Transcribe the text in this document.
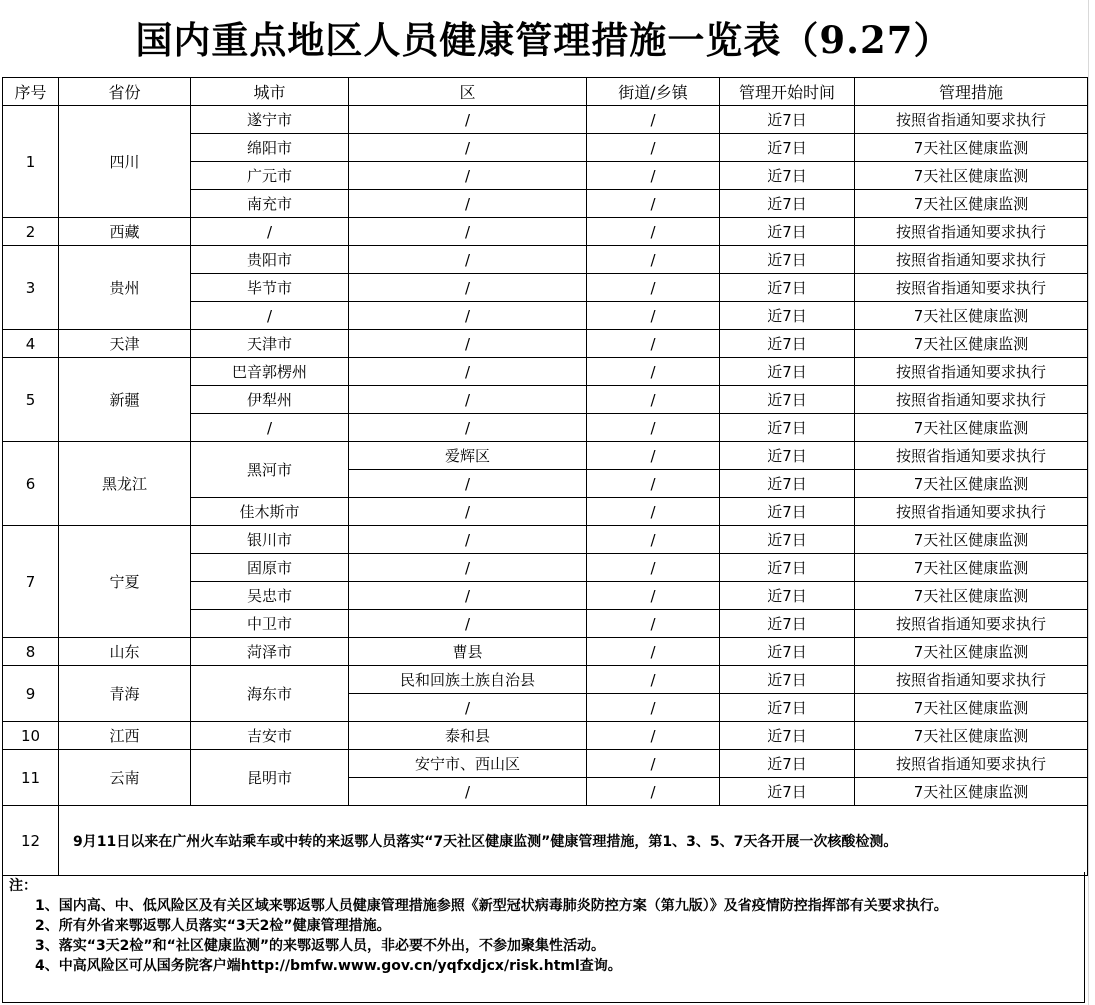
国内重点地区人员健康管理措施一览表（9.27）
序号	省份	城市	区	街道/乡镇	管理开始时间	管理措施
1	四川	遂宁市	/	/	近7日	按照省指通知要求执行
		绵阳市	/	/	近7日	7天社区健康监测
		广元市	/	/	近7日	7天社区健康监测
		南充市	/	/	近7日	7天社区健康监测
2	西藏	/	/	/	近7日	按照省指通知要求执行
3	贵州	贵阳市	/	/	近7日	按照省指通知要求执行
		毕节市	/	/	近7日	按照省指通知要求执行
		/	/	/	近7日	7天社区健康监测
4	天津	天津市	/	/	近7日	7天社区健康监测
5	新疆	巴音郭楞州	/	/	近7日	按照省指通知要求执行
		伊犁州	/	/	近7日	按照省指通知要求执行
		/	/	/	近7日	7天社区健康监测
6	黑龙江	黑河市	爱辉区	/	近7日	按照省指通知要求执行
			/	/	近7日	7天社区健康监测
		佳木斯市	/	/	近7日	按照省指通知要求执行
7	宁夏	银川市	/	/	近7日	7天社区健康监测
		固原市	/	/	近7日	7天社区健康监测
		吴忠市	/	/	近7日	7天社区健康监测
		中卫市	/	/	近7日	按照省指通知要求执行
8	山东	菏泽市	曹县	/	近7日	7天社区健康监测
9	青海	海东市	民和回族土族自治县	/	近7日	按照省指通知要求执行
			/	/	近7日	7天社区健康监测
10	江西	吉安市	泰和县	/	近7日	7天社区健康监测
11	云南	昆明市	安宁市、西山区	/	近7日	按照省指通知要求执行
			/	/	近7日	7天社区健康监测
12	9月11日以来在广州火车站乘车或中转的来返鄂人员落实“7天社区健康监测”健康管理措施，第1、3、5、7天各开展一次核酸检测。					
注：
1、国内高、中、低风险区及有关区域来鄂返鄂人员健康管理措施参照《新型冠状病毒肺炎防控方案（第九版）》及省疫情防控指挥部有关要求执行。
2、所有外省来鄂返鄂人员落实“3天2检”健康管理措施。
3、落实“3天2检”和“社区健康监测”的来鄂返鄂人员，非必要不外出，不参加聚集性活动。
4、中高风险区可从国务院客户端http://bmfw.www.gov.cn/yqfxdjcx/risk.html查询。
